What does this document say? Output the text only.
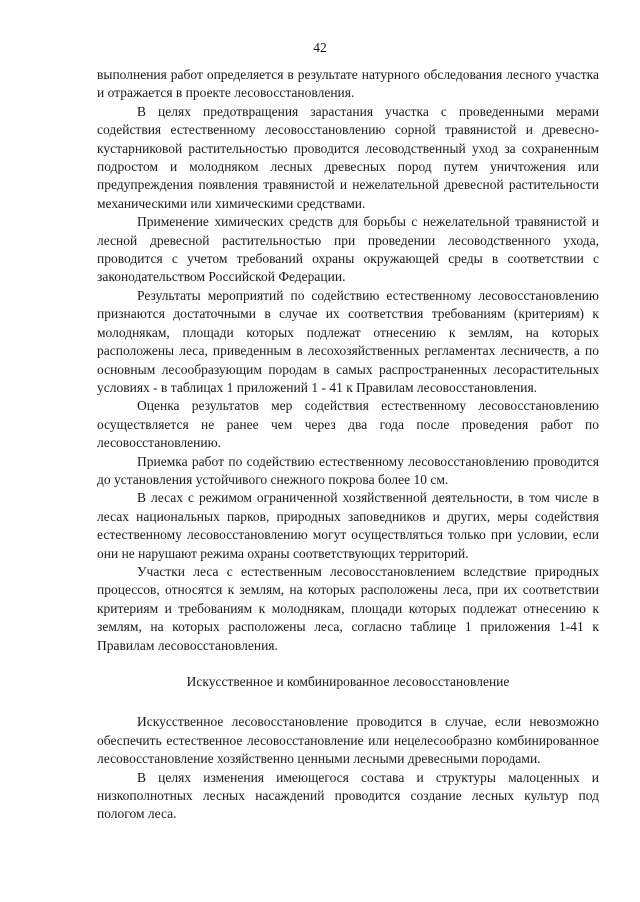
42

выполнения работ определяется в результате натурного обследования лесного участка и отражается в проекте лесовосстановления.

В целях предотвращения зарастания участка с проведенными мерами содействия естественному лесовосстановлению сорной травянистой и древесно-кустарниковой растительностью проводится лесоводственный уход за сохраненным подростом и молодняком лесных древесных пород путем уничтожения или предупреждения появления травянистой и нежелательной древесной растительности механическими или химическими средствами.

Применение химических средств для борьбы с нежелательной травянистой и лесной древесной растительностью при проведении лесоводственного ухода, проводится с учетом требований охраны окружающей среды в соответствии с законодательством Российской Федерации.

Результаты мероприятий по содействию естественному лесовосстановлению признаются достаточными в случае их соответствия требованиям (критериям) к молоднякам, площади которых подлежат отнесению к землям, на которых расположены леса, приведенным в лесохозяйственных регламентах лесничеств, а по основным лесообразующим породам в самых распространенных лесорастительных условиях - в таблицах 1 приложений 1 - 41 к Правилам лесовосстановления.

Оценка результатов мер содействия естественному лесовосстановлению осуществляется не ранее чем через два года после проведения работ по лесовосстановлению.

Приемка работ по содействию естественному лесовосстановлению проводится до установления устойчивого снежного покрова более 10 см.

В лесах с режимом ограниченной хозяйственной деятельности, в том числе в лесах национальных парков, природных заповедников и других, меры содействия естественному лесовосстановлению могут осуществляться только при условии, если они не нарушают режима охраны соответствующих территорий.

Участки леса с естественным лесовосстановлением вследствие природных процессов, относятся к землям, на которых расположены леса, при их соответствии критериям и требованиям к молоднякам, площади которых подлежат отнесению к землям, на которых расположены леса, согласно таблице 1 приложения 1-41 к Правилам лесовосстановления.

Искусственное и комбинированное лесовосстановление

Искусственное лесовосстановление проводится в случае, если невозможно обеспечить естественное лесовосстановление или нецелесообразно комбинированное лесовосстановление хозяйственно ценными лесными древесными породами.

В целях изменения имеющегося состава и структуры малоценных и низкополнотных лесных насаждений проводится создание лесных культур под пологом леса.
